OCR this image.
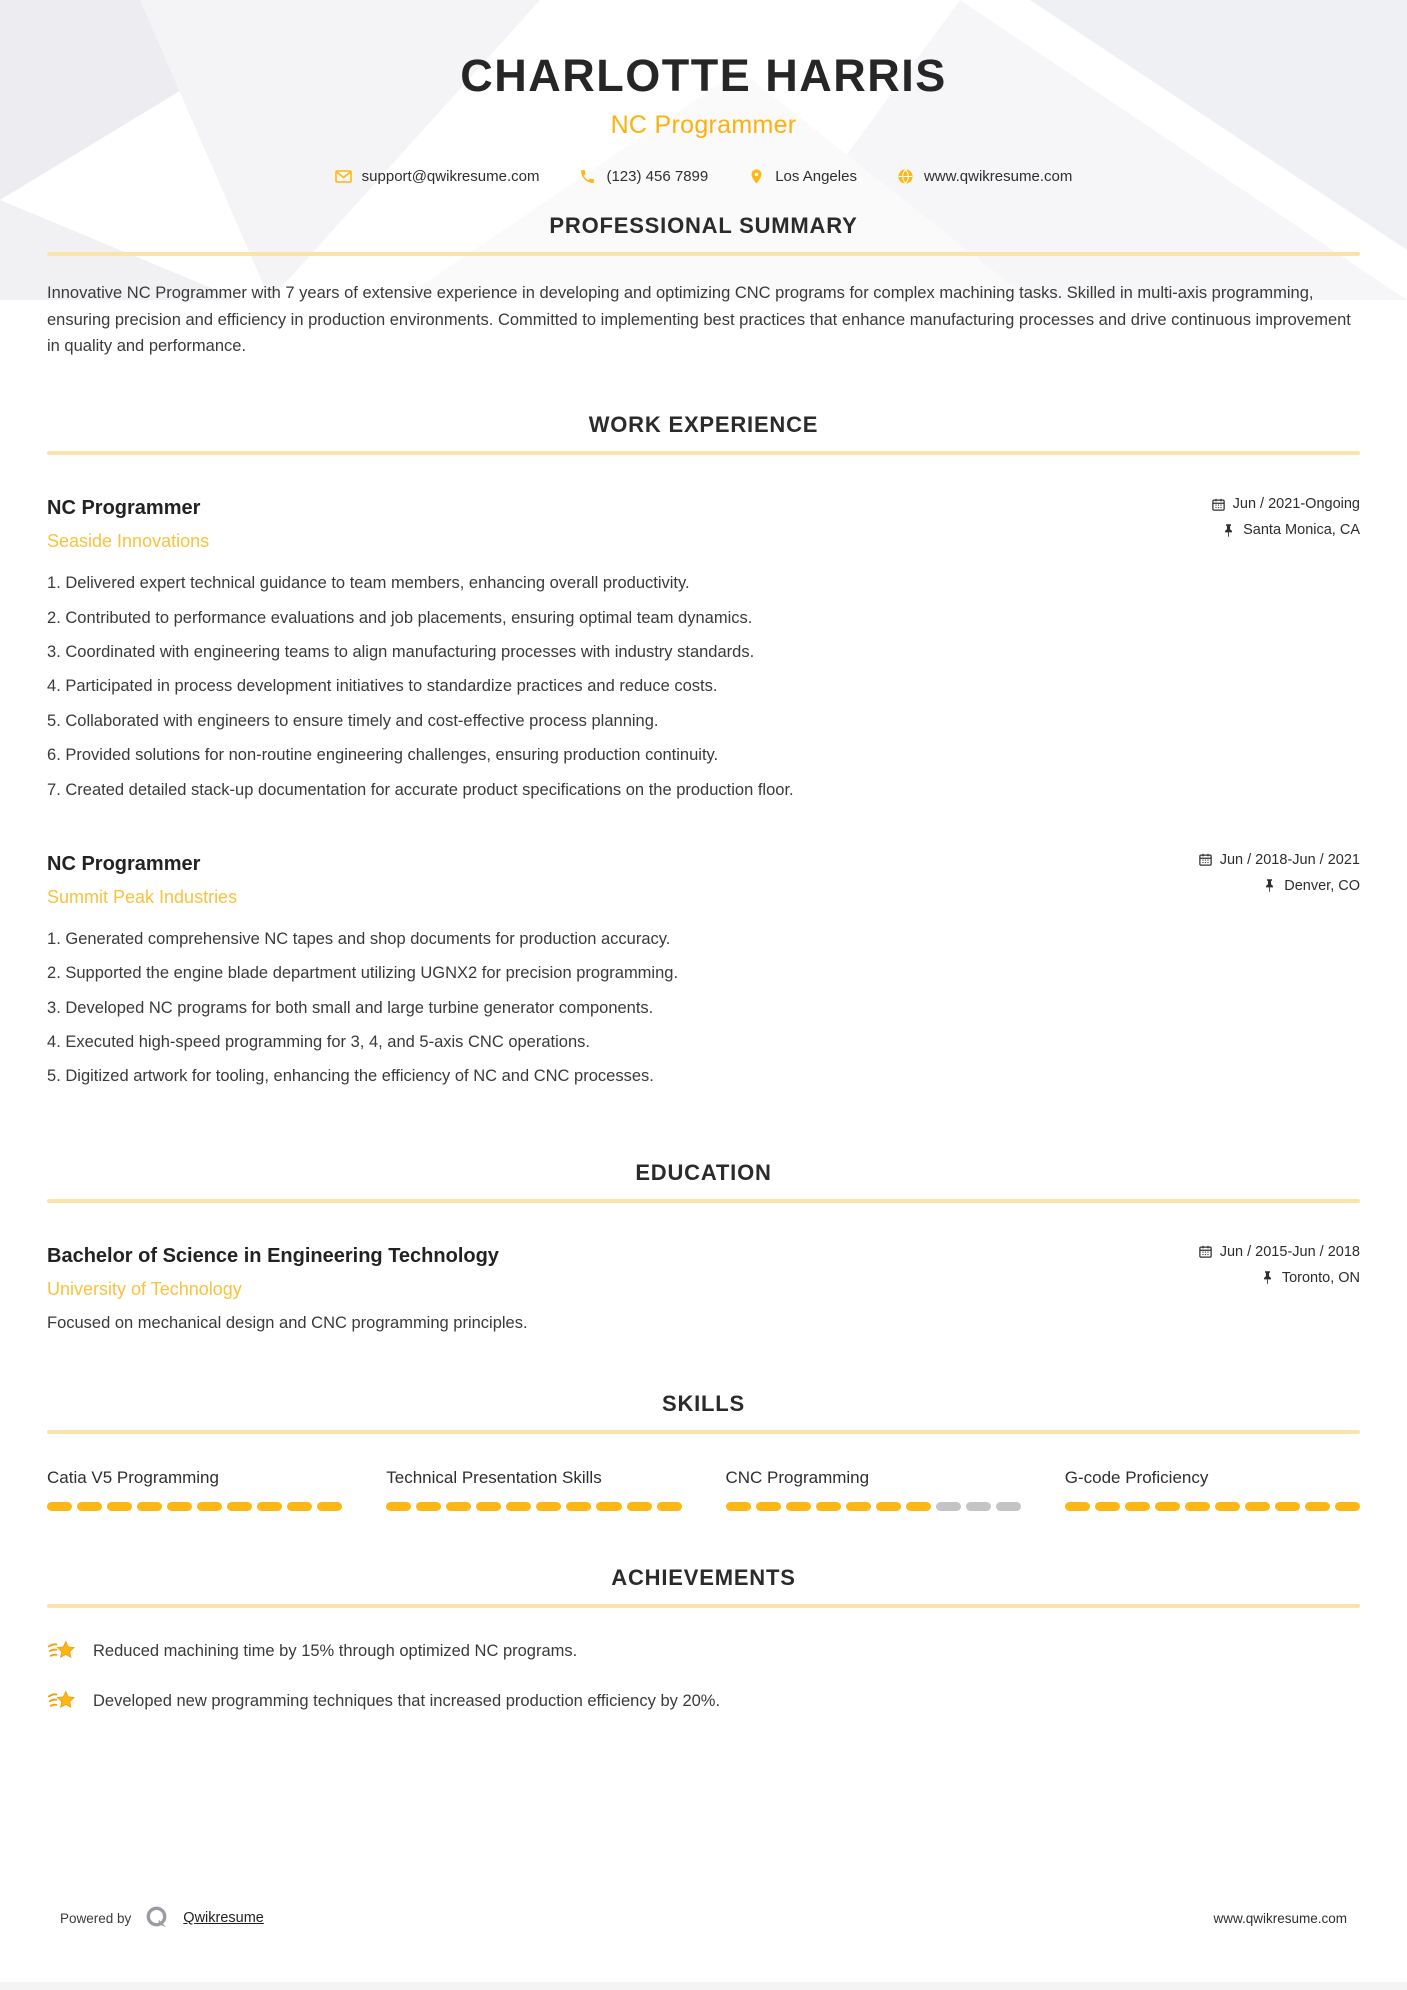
CHARLOTTE HARRIS
NC Programmer
support@qwikresume.com	(123) 456 7899	Los Angeles	www.qwikresume.com
PROFESSIONAL SUMMARY

Innovative NC Programmer with 7 years of extensive experience in developing and optimizing CNC programs for complex machining tasks. Skilled in multi-axis programming, ensuring precision and efficiency in production environments. Committed to implementing best practices that enhance manufacturing processes and drive continuous improvement in quality and performance.

WORK EXPERIENCE
NC Programmer
Seaside Innovations
Jun / 2021-Ongoing
Santa Monica, CA
Delivered expert technical guidance to team members, enhancing overall productivity.
Contributed to performance evaluations and job placements, ensuring optimal team dynamics.
Coordinated with engineering teams to align manufacturing processes with industry standards.
Participated in process development initiatives to standardize practices and reduce costs.
Collaborated with engineers to ensure timely and cost-effective process planning.
Provided solutions for non-routine engineering challenges, ensuring production continuity.
Created detailed stack-up documentation for accurate product specifications on the production floor.
NC Programmer
Summit Peak Industries
Jun / 2018-Jun / 2021
Denver, CO
Generated comprehensive NC tapes and shop documents for production accuracy.
Supported the engine blade department utilizing UGNX2 for precision programming.
Developed NC programs for both small and large turbine generator components.
Executed high-speed programming for 3, 4, and 5-axis CNC operations.
Digitized artwork for tooling, enhancing the efficiency of NC and CNC processes.
EDUCATION
Bachelor of Science in Engineering Technology
University of Technology
Jun / 2015-Jun / 2018
Toronto, ON
Focused on mechanical design and CNC programming principles.
SKILLS
Catia V5 Programming	Technical Presentation Skills	CNC Programming	G-code Proficiency
ACHIEVEMENTS
Reduced machining time by 15% through optimized NC programs.
Developed new programming techniques that increased production efficiency by 20%.
Powered by	Qwikresume	www.qwikresume.com
